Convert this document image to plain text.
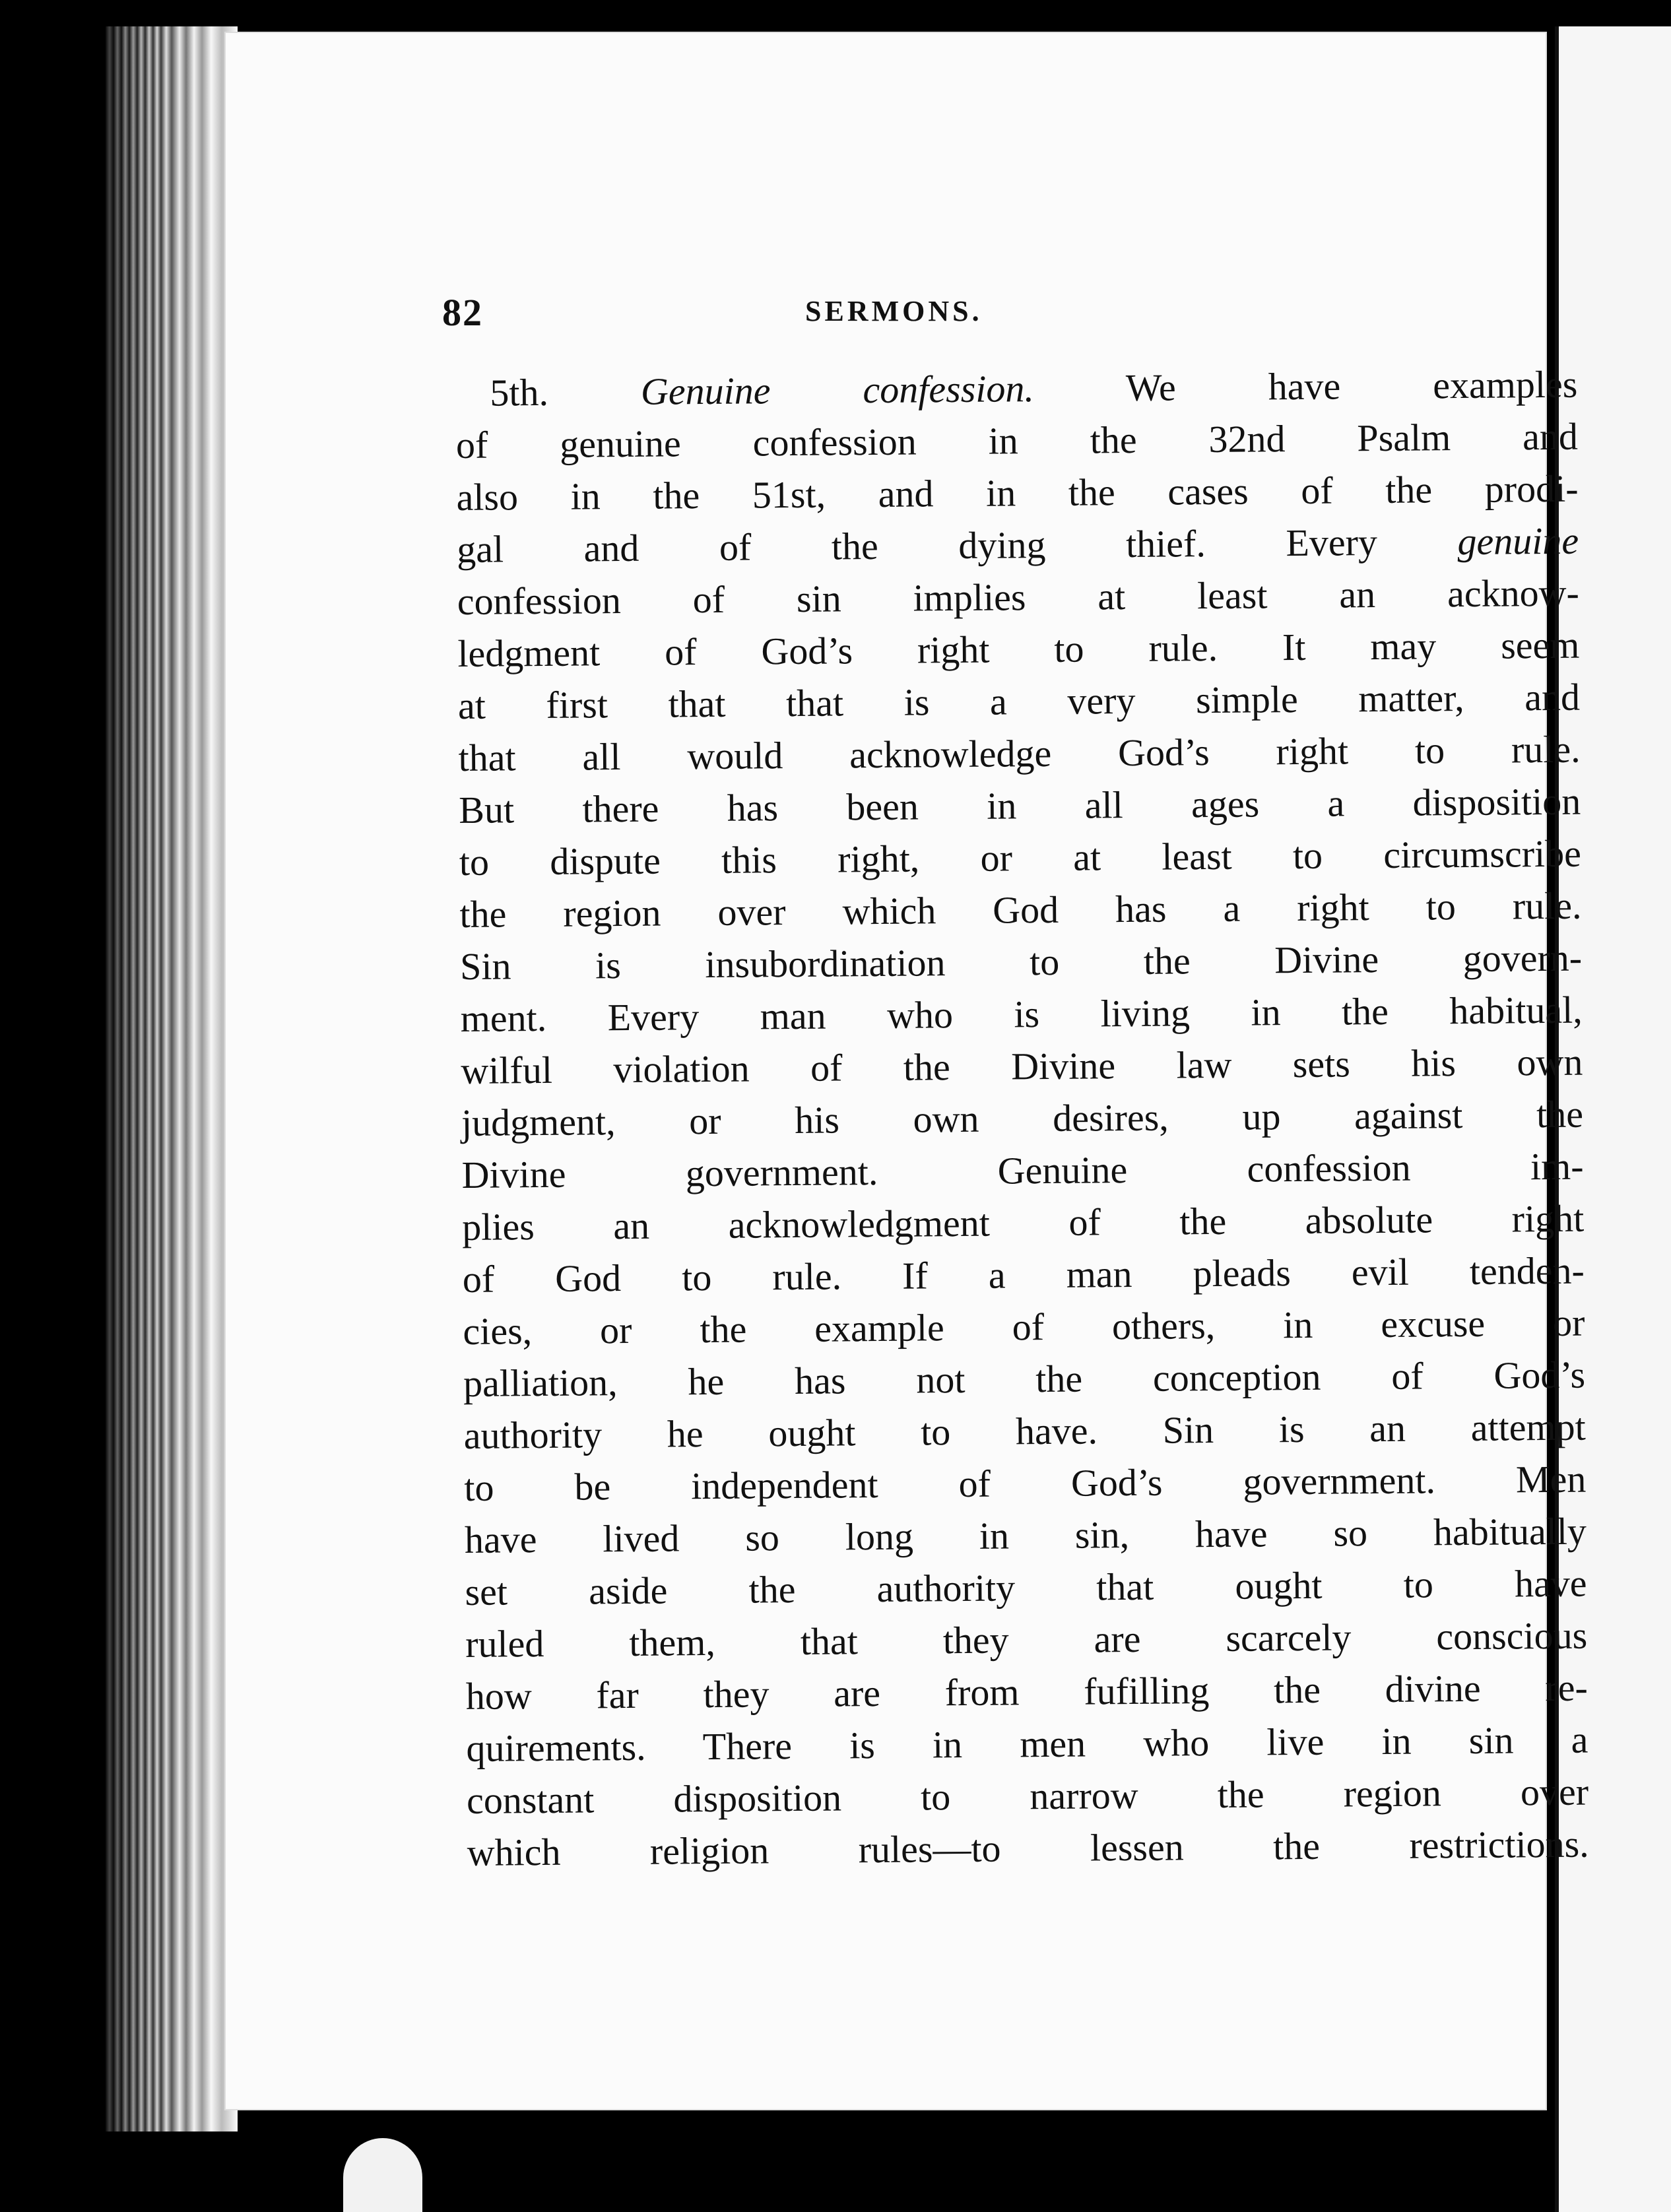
82	SERMONS.
5th. Genuine confession. We have examples
of genuine confession in the 32nd Psalm and
also in the 51st, and in the cases of the prodi-
gal and of the dying thief. Every genuine
confession of sin implies at least an acknow-
ledgment of God’s right to rule. It may seem
at first that that is a very simple matter, and
that all would acknowledge God’s right to rule.
But there has been in all ages a disposition
to dispute this right, or at least to circumscribe
the region over which God has a right to rule.
Sin is insubordination to the Divine govern-
ment. Every man who is living in the habitual,
wilful violation of the Divine law sets his own
judgment, or his own desires, up against the
Divine government. Genuine confession im-
plies an acknowledgment of the absolute right
of God to rule. If a man pleads evil tenden-
cies, or the example of others, in excuse or
palliation, he has not the conception of God’s
authority he ought to have. Sin is an attempt
to be independent of God’s government. Men
have lived so long in sin, have so habitually
set aside the authority that ought to have
ruled them, that they are scarcely conscious
how far they are from fufilling the divine re-
quirements. There is in men who live in sin a
constant disposition to narrow the region over
which religion rules—to lessen the restrictions.
